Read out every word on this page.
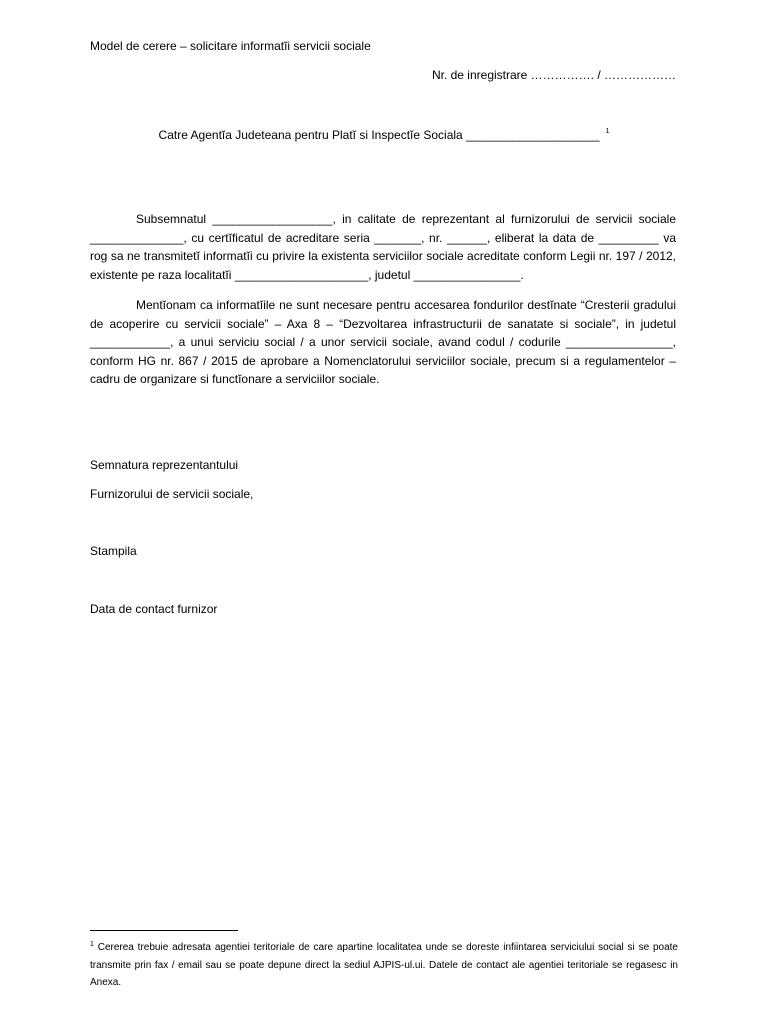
Model de cerere – solicitare informatĭi servicii sociale
Nr. de inregistrare ……………. / ………………
Catre Agentĭa Judeteana pentru Platĭ si Inspectĭe Sociala ____________________ $^1$
Subsemnatul __________________, in calitate de reprezentant al furnizorului de servicii sociale ______________, cu certĭficatul de acreditare seria _______, nr. ______, eliberat la data de _________ va rog sa ne transmitetĭ informatĭi cu privire la existenta serviciilor sociale acreditate conform Legii nr. 197 / 2012, existente pe raza localitatĭi ____________________, judetul ________________.
Mentĭonam ca informatĭile ne sunt necesare pentru accesarea fondurilor destĭnate “Cresterii gradului de acoperire cu servicii sociale” – Axa 8 – “Dezvoltarea infrastructurii de sanatate si sociale”, in judetul ____________, a unui serviciu social / a unor servicii sociale, avand codul / codurile ________________, conform HG nr. 867 / 2015 de aprobare a Nomenclatorului serviciilor sociale, precum si a regulamentelor – cadru de organizare si functĭonare a serviciilor sociale.
Semnatura reprezentantului
Furnizorului de servicii sociale,
Stampila
Data de contact furnizor
$^1$ Cererea trebuie adresata agentiei teritoriale de care apartine localitatea unde se doreste infiintarea serviciului social si se poate transmite prin fax / email sau se poate depune direct la sediul AJPIS-ul.ui. Datele de contact ale agentiei teritoriale se regasesc in Anexa.
